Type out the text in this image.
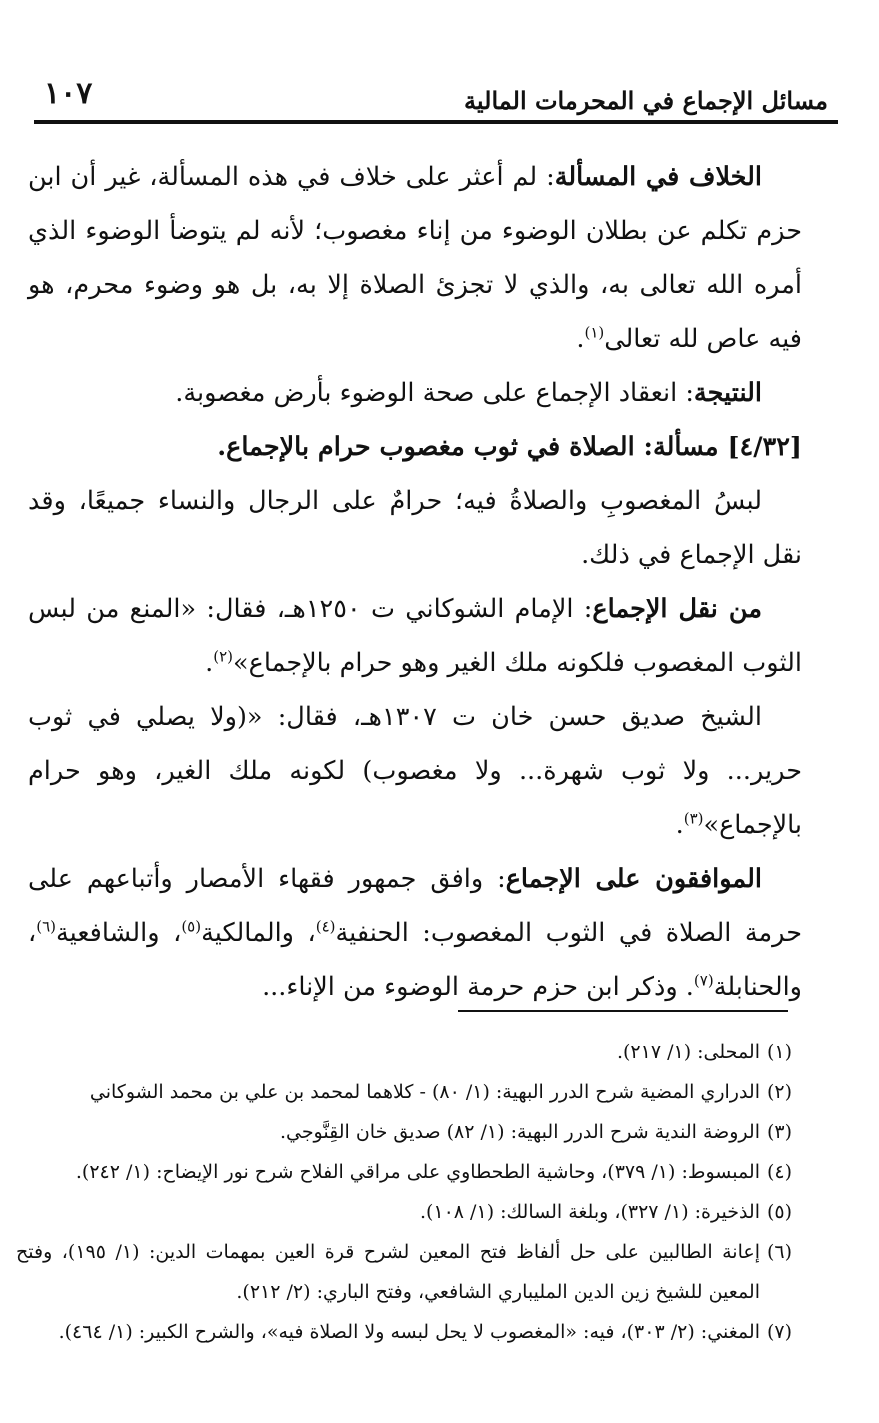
١٠٧	مسائل الإجماع في المحرمات المالية

الخلاف في المسألة: لم أعثر على خلاف في هذه المسألة، غير أن ابن حزم تكلم عن بطلان الوضوء من إناء مغصوب؛ لأنه لم يتوضأ الوضوء الذي أمره الله تعالى به، والذي لا تجزئ الصلاة إلا به، بل هو وضوء محرم، هو فيه عاص لله تعالى$^{(١)}$.

النتيجة: انعقاد الإجماع على صحة الوضوء بأرض مغصوبة.

[٤/٣٢] مسألة: الصلاة في ثوب مغصوب حرام بالإجماع.

لبسُ المغصوبِ والصلاةُ فيه؛ حرامٌ على الرجال والنساء جميعًا، وقد نقل الإجماع في ذلك.

من نقل الإجماع: الإمام الشوكاني ت ١٢٥٠هـ، فقال: «المنع من لبس الثوب المغصوب فلكونه ملك الغير وهو حرام بالإجماع»$^{(٢)}$.

الشيخ صديق حسن خان ت ١٣٠٧هـ، فقال: «(ولا يصلي في ثوب حرير... ولا ثوب شهرة... ولا مغصوب) لكونه ملك الغير، وهو حرام بالإجماع»$^{(٣)}$.

الموافقون على الإجماع: وافق جمهور فقهاء الأمصار وأتباعهم على حرمة الصلاة في الثوب المغصوب: الحنفية$^{(٤)}$، والمالكية$^{(٥)}$، والشافعية$^{(٦)}$، والحنابلة$^{(٧)}$. وذكر ابن حزم حرمة الوضوء من الإناء...

(١)المحلى: (١/ ٢١٧).

(٢)الدراري المضية شرح الدرر البهية: (١/ ٨٠) - كلاهما لمحمد بن علي بن محمد الشوكاني

(٣)الروضة الندية شرح الدرر البهية: (١/ ٨٢) صديق خان القِنَّوجي.

(٤)المبسوط: (١/ ٣٧٩)، وحاشية الطحطاوي على مراقي الفلاح شرح نور الإيضاح: (١/ ٢٤٢).

(٥)الذخيرة: (١/ ٣٢٧)، وبلغة السالك: (١/ ١٠٨).

(٦)إعانة الطالبين على حل ألفاظ فتح المعين لشرح قرة العين بمهمات الدين: (١/ ١٩٥)، وفتح المعين للشيخ زين الدين المليباري الشافعي، وفتح الباري: (٢/ ٢١٢).

(٧)المغني: (٢/ ٣٠٣)، فيه: «المغصوب لا يحل لبسه ولا الصلاة فيه»، والشرح الكبير: (١/ ٤٦٤).
